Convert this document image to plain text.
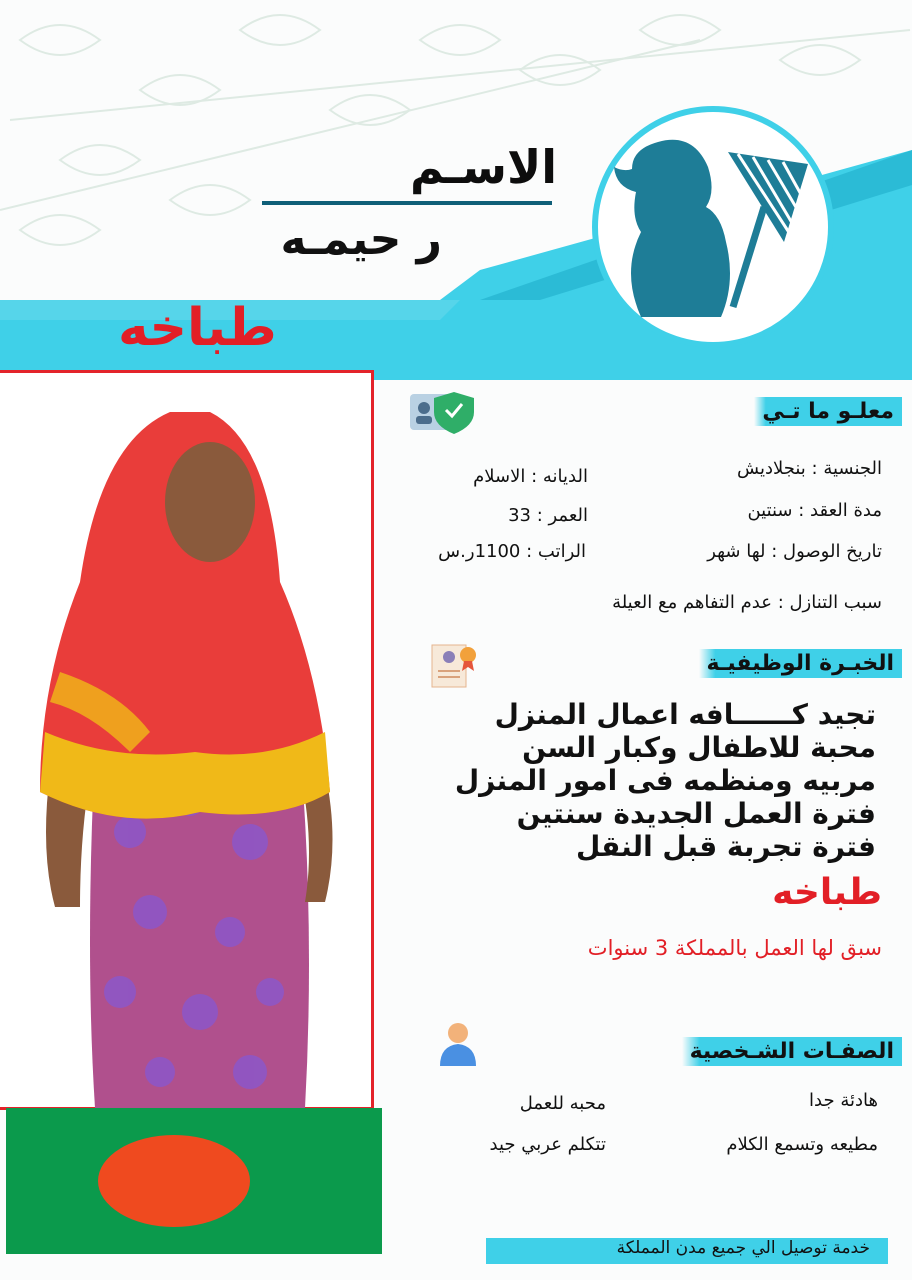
الاسـم
ر حيمـه
طباخه
معلـو ما تـي
الجنسية : بنجلاديش
الديانه : الاسلام
مدة العقد : سنتين
العمر : 33
تاريخ الوصول : لها شهر
الراتب : 1100ر.س
سبب التنازل : عدم التفاهم مع العيلة
الخبـرة الوظيفيـة
تجيد كــــــافه اعمال المنزل
محبة للاطفال وكبار السن
مربيه ومنظمه فى امور المنزل
فترة العمل الجديدة سنتين
فترة تجربة قبل النقل
طباخه
سبق لها العمل بالمملكة 3 سنوات
الصفـات الشـخصية
هادئة جدا
محبه للعمل
مطيعه وتسمع الكلام
تتكلم عربي جيد
خدمة توصيل الي جميع مدن المملكة
